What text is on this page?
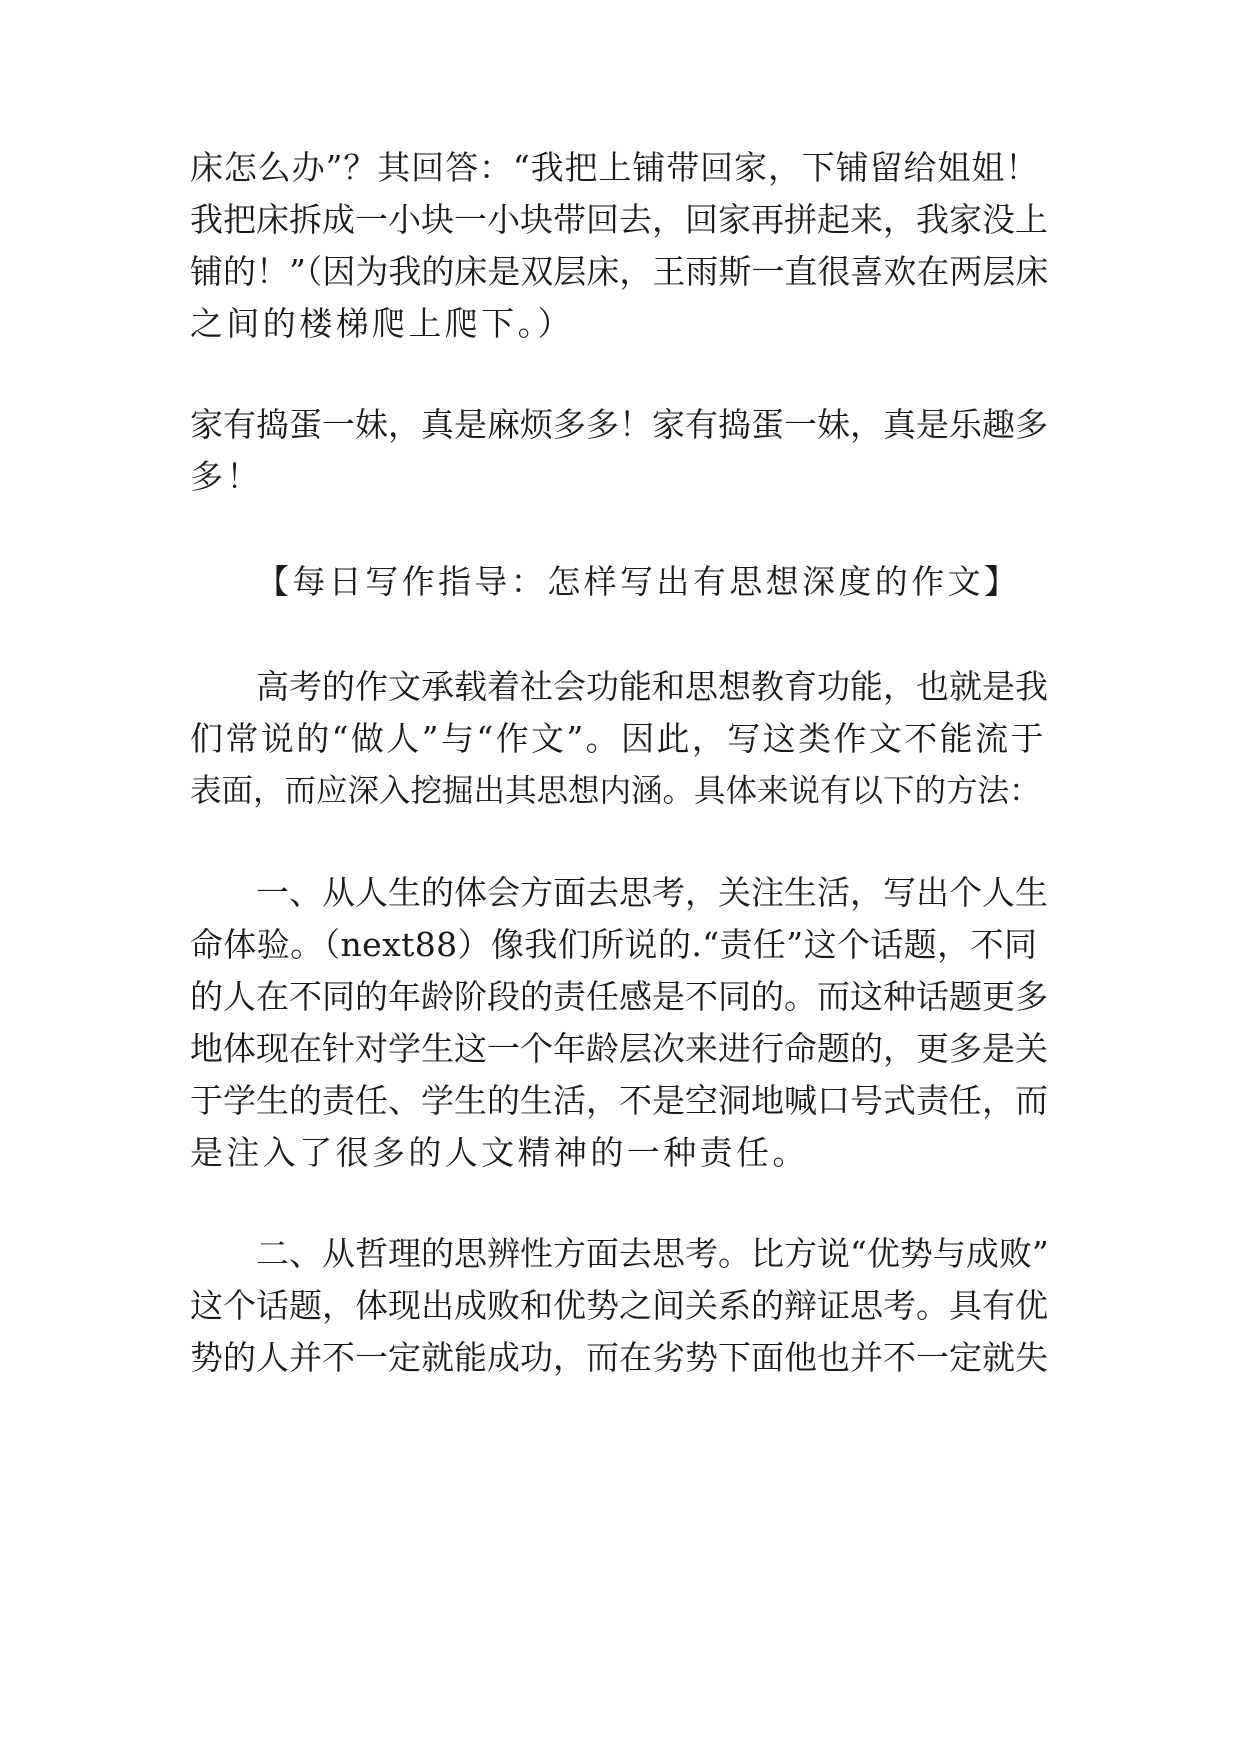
床怎么办”？其回答：“我把上铺带回家，下铺留给姐姐！
我把床拆成一小块一小块带回去，回家再拼起来，我家没上
铺的！”（因为我的床是双层床，王雨斯一直很喜欢在两层床
之间的楼梯爬上爬下。）
家有捣蛋一妹，真是麻烦多多！家有捣蛋一妹，真是乐趣多
多！
【每日写作指导：怎样写出有思想深度的作文】
高考的作文承载着社会功能和思想教育功能，也就是我
们常说的“做人”与“作文”。因此，写这类作文不能流于
表面，而应深入挖掘出其思想内涵。具体来说有以下的方法：
一、从人生的体会方面去思考，关注生活，写出个人生
命体验。（next88）像我们所说的.“责任”这个话题，不同
的人在不同的年龄阶段的责任感是不同的。而这种话题更多
地体现在针对学生这一个年龄层次来进行命题的，更多是关
于学生的责任、学生的生活，不是空洞地喊口号式责任，而
是注入了很多的人文精神的一种责任。
二、从哲理的思辨性方面去思考。比方说“优势与成败”
这个话题，体现出成败和优势之间关系的辩证思考。具有优
势的人并不一定就能成功，而在劣势下面他也并不一定就失
